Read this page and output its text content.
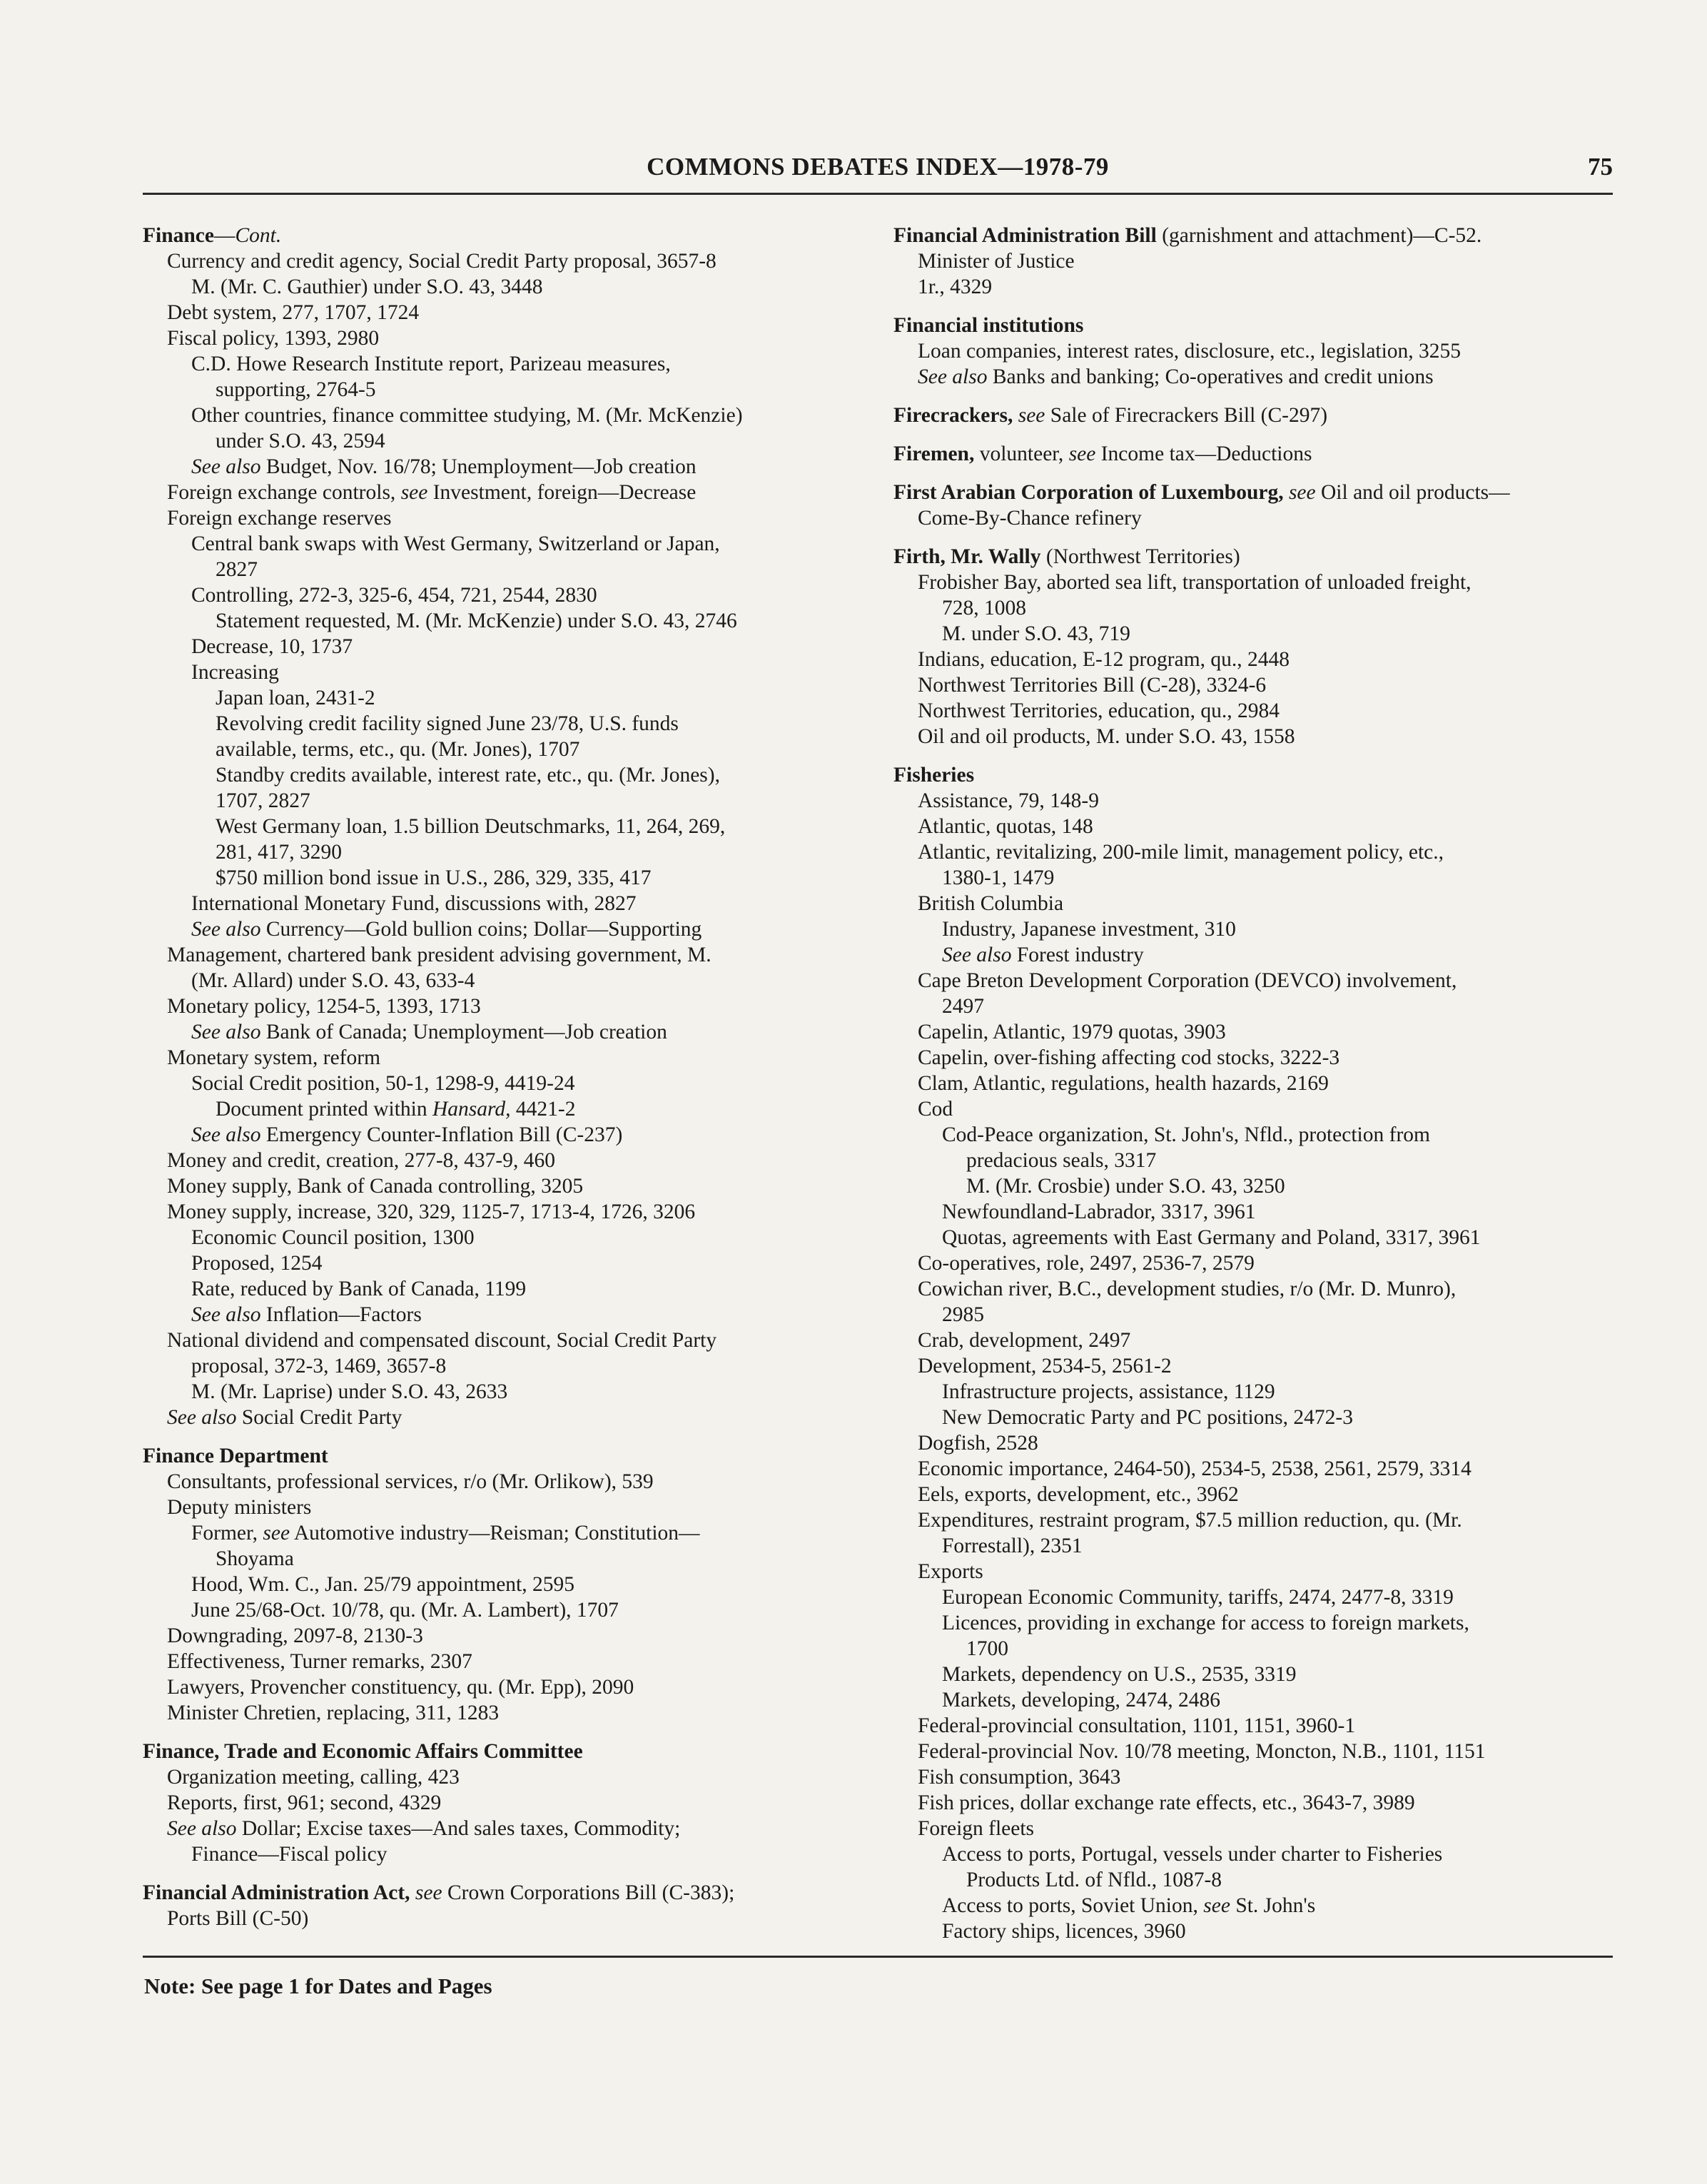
COMMONS DEBATES INDEX—1978-79	75
Finance—Cont.
Currency and credit agency, Social Credit Party proposal, 3657-8
M. (Mr. C. Gauthier) under S.O. 43, 3448
Debt system, 277, 1707, 1724
Fiscal policy, 1393, 2980
C.D. Howe Research Institute report, Parizeau measures,
supporting, 2764-5
Other countries, finance committee studying, M. (Mr. McKenzie)
under S.O. 43, 2594
See also Budget, Nov. 16/78; Unemployment—Job creation
Foreign exchange controls, see Investment, foreign—Decrease
Foreign exchange reserves
Central bank swaps with West Germany, Switzerland or Japan,
2827
Controlling, 272-3, 325-6, 454, 721, 2544, 2830
Statement requested, M. (Mr. McKenzie) under S.O. 43, 2746
Decrease, 10, 1737
Increasing
Japan loan, 2431-2
Revolving credit facility signed June 23/78, U.S. funds
available, terms, etc., qu. (Mr. Jones), 1707
Standby credits available, interest rate, etc., qu. (Mr. Jones),
1707, 2827
West Germany loan, 1.5 billion Deutschmarks, 11, 264, 269,
281, 417, 3290
$750 million bond issue in U.S., 286, 329, 335, 417
International Monetary Fund, discussions with, 2827
See also Currency—Gold bullion coins; Dollar—Supporting
Management, chartered bank president advising government, M.
(Mr. Allard) under S.O. 43, 633-4
Monetary policy, 1254-5, 1393, 1713
See also Bank of Canada; Unemployment—Job creation
Monetary system, reform
Social Credit position, 50-1, 1298-9, 4419-24
Document printed within Hansard, 4421-2
See also Emergency Counter-Inflation Bill (C-237)
Money and credit, creation, 277-8, 437-9, 460
Money supply, Bank of Canada controlling, 3205
Money supply, increase, 320, 329, 1125-7, 1713-4, 1726, 3206
Economic Council position, 1300
Proposed, 1254
Rate, reduced by Bank of Canada, 1199
See also Inflation—Factors
National dividend and compensated discount, Social Credit Party
proposal, 372-3, 1469, 3657-8
M. (Mr. Laprise) under S.O. 43, 2633
See also Social Credit Party
Finance Department
Consultants, professional services, r/o (Mr. Orlikow), 539
Deputy ministers
Former, see Automotive industry—Reisman; Constitution—
Shoyama
Hood, Wm. C., Jan. 25/79 appointment, 2595
June 25/68-Oct. 10/78, qu. (Mr. A. Lambert), 1707
Downgrading, 2097-8, 2130-3
Effectiveness, Turner remarks, 2307
Lawyers, Provencher constituency, qu. (Mr. Epp), 2090
Minister Chretien, replacing, 311, 1283
Finance, Trade and Economic Affairs Committee
Organization meeting, calling, 423
Reports, first, 961; second, 4329
See also Dollar; Excise taxes—And sales taxes, Commodity;
Finance—Fiscal policy
Financial Administration Act, see Crown Corporations Bill (C-383);
Ports Bill (C-50)
Financial Administration Bill (garnishment and attachment)—C-52.
Minister of Justice
1r., 4329
Financial institutions
Loan companies, interest rates, disclosure, etc., legislation, 3255
See also Banks and banking; Co-operatives and credit unions
Firecrackers, see Sale of Firecrackers Bill (C-297)
Firemen, volunteer, see Income tax—Deductions
First Arabian Corporation of Luxembourg, see Oil and oil products—
Come-By-Chance refinery
Firth, Mr. Wally (Northwest Territories)
Frobisher Bay, aborted sea lift, transportation of unloaded freight,
728, 1008
M. under S.O. 43, 719
Indians, education, E-12 program, qu., 2448
Northwest Territories Bill (C-28), 3324-6
Northwest Territories, education, qu., 2984
Oil and oil products, M. under S.O. 43, 1558
Fisheries
Assistance, 79, 148-9
Atlantic, quotas, 148
Atlantic, revitalizing, 200-mile limit, management policy, etc.,
1380-1, 1479
British Columbia
Industry, Japanese investment, 310
See also Forest industry
Cape Breton Development Corporation (DEVCO) involvement,
2497
Capelin, Atlantic, 1979 quotas, 3903
Capelin, over-fishing affecting cod stocks, 3222-3
Clam, Atlantic, regulations, health hazards, 2169
Cod
Cod-Peace organization, St. John's, Nfld., protection from
predacious seals, 3317
M. (Mr. Crosbie) under S.O. 43, 3250
Newfoundland-Labrador, 3317, 3961
Quotas, agreements with East Germany and Poland, 3317, 3961
Co-operatives, role, 2497, 2536-7, 2579
Cowichan river, B.C., development studies, r/o (Mr. D. Munro),
2985
Crab, development, 2497
Development, 2534-5, 2561-2
Infrastructure projects, assistance, 1129
New Democratic Party and PC positions, 2472-3
Dogfish, 2528
Economic importance, 2464-50), 2534-5, 2538, 2561, 2579, 3314
Eels, exports, development, etc., 3962
Expenditures, restraint program, $7.5 million reduction, qu. (Mr.
Forrestall), 2351
Exports
European Economic Community, tariffs, 2474, 2477-8, 3319
Licences, providing in exchange for access to foreign markets,
1700
Markets, dependency on U.S., 2535, 3319
Markets, developing, 2474, 2486
Federal-provincial consultation, 1101, 1151, 3960-1
Federal-provincial Nov. 10/78 meeting, Moncton, N.B., 1101, 1151
Fish consumption, 3643
Fish prices, dollar exchange rate effects, etc., 3643-7, 3989
Foreign fleets
Access to ports, Portugal, vessels under charter to Fisheries
Products Ltd. of Nfld., 1087-8
Access to ports, Soviet Union, see St. John's
Factory ships, licences, 3960
Note: See page 1 for Dates and Pages
